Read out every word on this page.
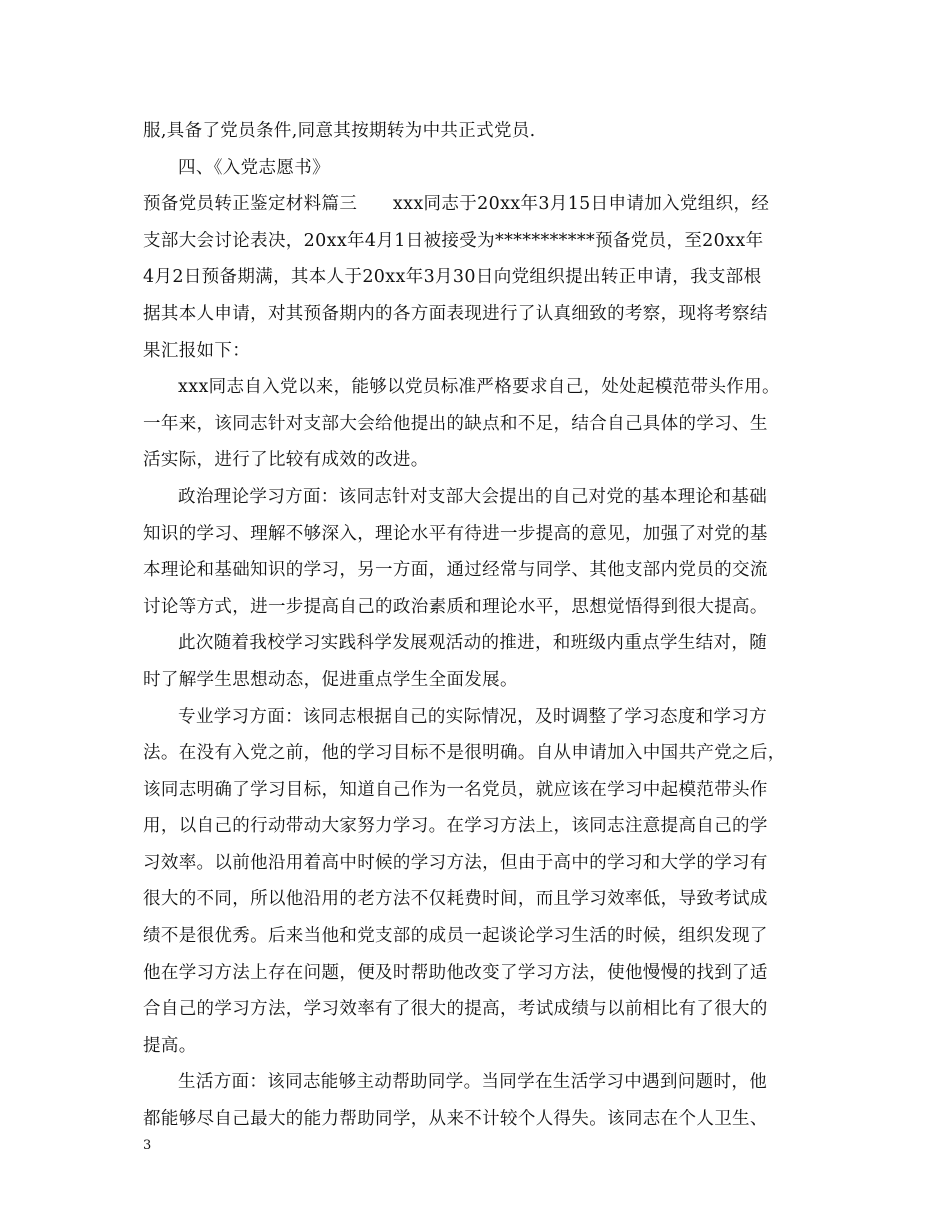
服,具备了党员条件,同意其按期转为中共正式党员.
四、《入党志愿书》
预备党员转正鉴定材料篇三　　xxx同志于20xx年3月15日申请加入党组织，经
支部大会讨论表决，20xx年4月1日被接受为***********预备党员，至20xx年
4月2日预备期满，其本人于20xx年3月30日向党组织提出转正申请，我支部根
据其本人申请，对其预备期内的各方面表现进行了认真细致的考察，现将考察结
果汇报如下：
xxx同志自入党以来，能够以党员标准严格要求自己，处处起模范带头作用。
一年来，该同志针对支部大会给他提出的缺点和不足，结合自己具体的学习、生
活实际，进行了比较有成效的改进。
政治理论学习方面：该同志针对支部大会提出的自己对党的基本理论和基础
知识的学习、理解不够深入，理论水平有待进一步提高的意见，加强了对党的基
本理论和基础知识的学习，另一方面，通过经常与同学、其他支部内党员的交流
讨论等方式，进一步提高自己的政治素质和理论水平，思想觉悟得到很大提高。
此次随着我校学习实践科学发展观活动的推进，和班级内重点学生结对，随
时了解学生思想动态，促进重点学生全面发展。
专业学习方面：该同志根据自己的实际情况，及时调整了学习态度和学习方
法。在没有入党之前，他的学习目标不是很明确。自从申请加入中国共产党之后，
该同志明确了学习目标，知道自己作为一名党员，就应该在学习中起模范带头作
用，以自己的行动带动大家努力学习。在学习方法上，该同志注意提高自己的学
习效率。以前他沿用着高中时候的学习方法，但由于高中的学习和大学的学习有
很大的不同，所以他沿用的老方法不仅耗费时间，而且学习效率低，导致考试成
绩不是很优秀。后来当他和党支部的成员一起谈论学习生活的时候，组织发现了
他在学习方法上存在问题，便及时帮助他改变了学习方法，使他慢慢的找到了适
合自己的学习方法，学习效率有了很大的提高，考试成绩与以前相比有了很大的
提高。
生活方面：该同志能够主动帮助同学。当同学在生活学习中遇到问题时，他
都能够尽自己最大的能力帮助同学，从来不计较个人得失。该同志在个人卫生、
3
